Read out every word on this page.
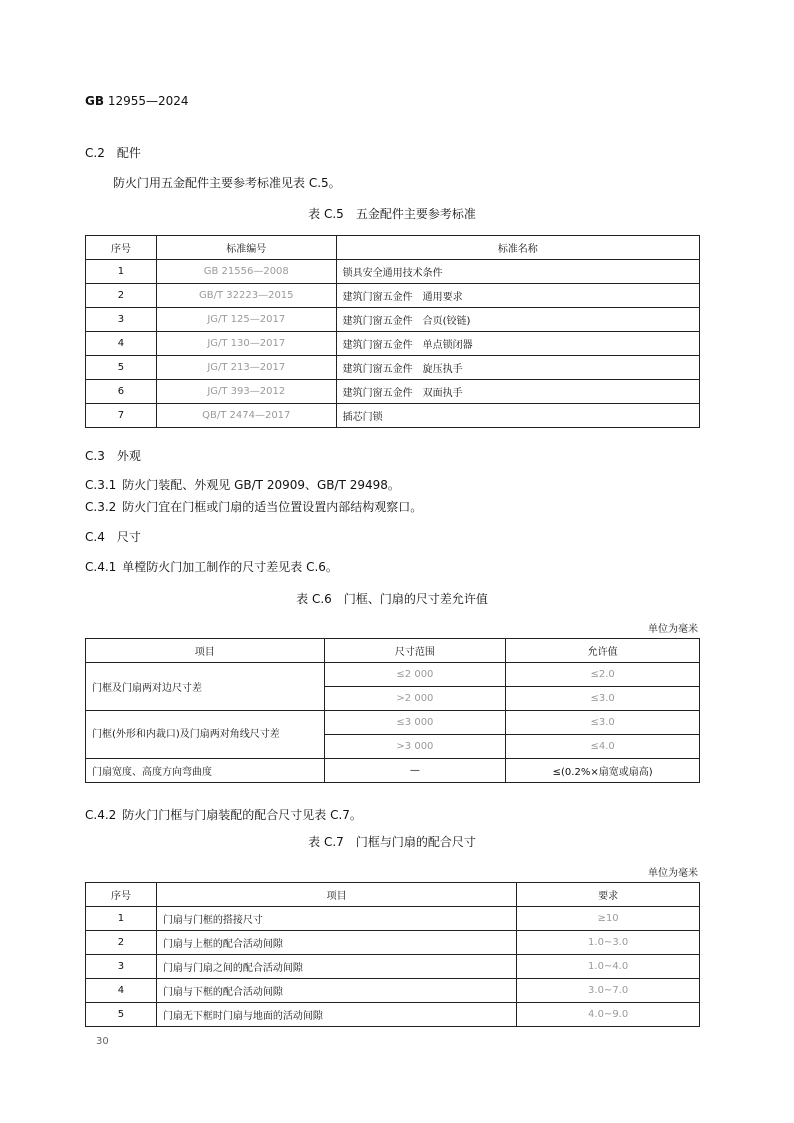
GB 12955—2024
C.2  配件
防火门用五金配件主要参考标准见表 C.5。
表 C.5　五金配件主要参考标准
序号	标准编号	标准名称
1	GB 21556—2008	锁具安全通用技术条件
2	GB/T 32223—2015	建筑门窗五金件　通用要求
3	JG/T 125—2017	建筑门窗五金件　合页(铰链)
4	JG/T 130—2017	建筑门窗五金件　单点锁闭器
5	JG/T 213—2017	建筑门窗五金件　旋压执手
6	JG/T 393—2012	建筑门窗五金件　双面执手
7	QB/T 2474—2017	插芯门锁
C.3  外观
C.3.1  防火门装配、外观见 GB/T 20909、GB/T 29498。
C.3.2  防火门宜在门框或门扇的适当位置设置内部结构观察口。
C.4  尺寸
C.4.1  单樘防火门加工制作的尺寸差见表 C.6。
表 C.6　门框、门扇的尺寸差允许值
单位为毫米
项目	尺寸范围	允许值
门框及门扇两对边尺寸差	≤2 000	≤2.0
	>2 000	≤3.0
门框(外形和内裁口)及门扇两对角线尺寸差	≤3 000	≤3.0
	>3 000	≤4.0
门扇宽度、高度方向弯曲度	—	≤(0.2%×扇宽或扇高)
C.4.2  防火门门框与门扇装配的配合尺寸见表 C.7。
表 C.7　门框与门扇的配合尺寸
单位为毫米
序号	项目	要求
1	门扇与门框的搭接尺寸	≥10
2	门扇与上框的配合活动间隙	1.0~3.0
3	门扇与门扇之间的配合活动间隙	1.0~4.0
4	门扇与下框的配合活动间隙	3.0~7.0
5	门扇无下框时门扇与地面的活动间隙	4.0~9.0
30
